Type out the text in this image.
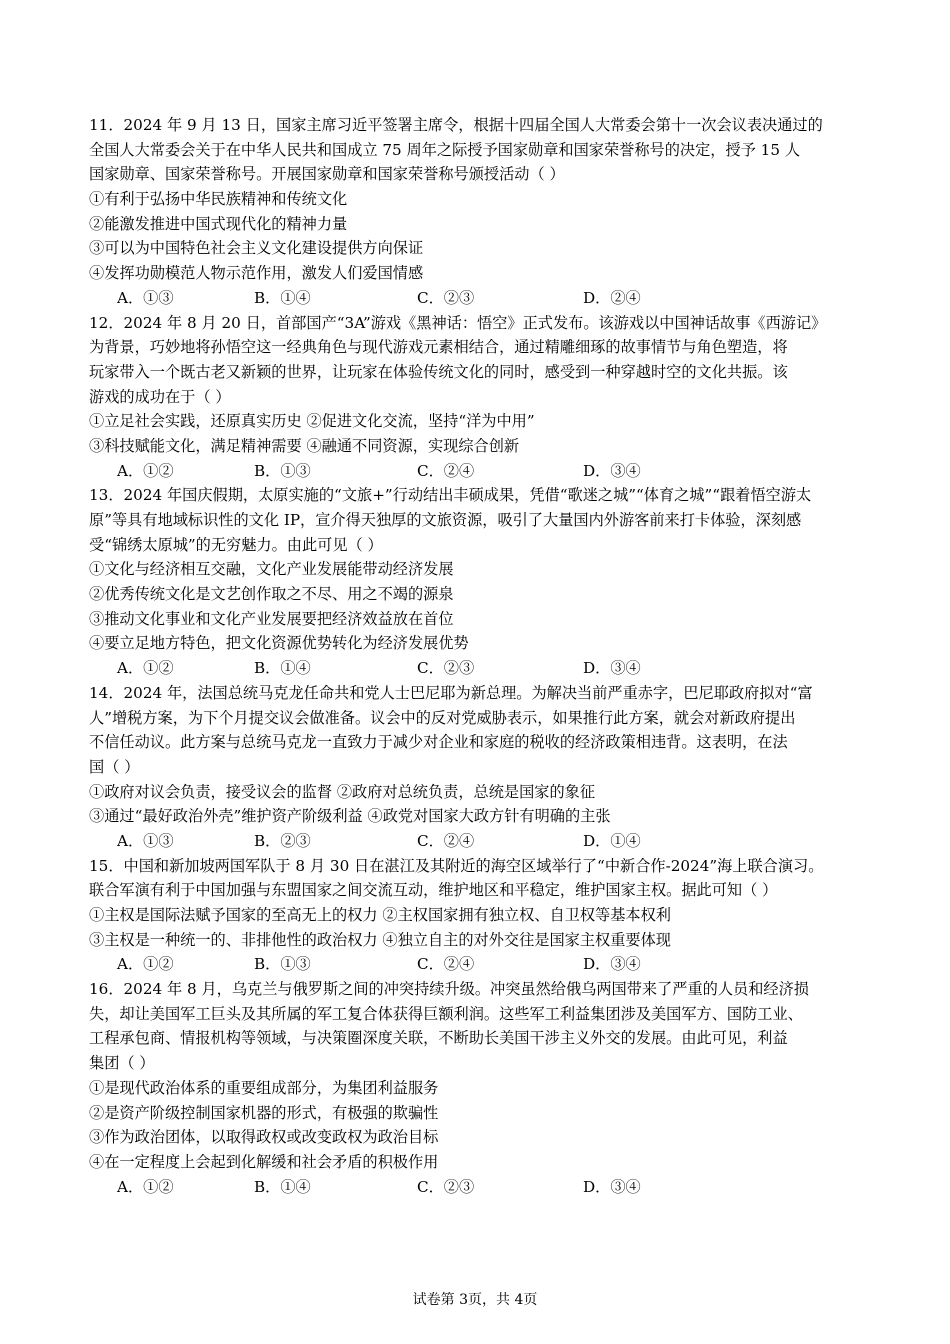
11．2024 年 9 月 13 日，国家主席习近平签署主席令，根据十四届全国人大常委会第十一次会议表决通过的
全国人大常委会关于在中华人民共和国成立 75 周年之际授予国家勋章和国家荣誉称号的决定，授予 15 人
国家勋章、国家荣誉称号。开展国家勋章和国家荣誉称号颁授活动（ ）
①有利于弘扬中华民族精神和传统文化
②能激发推进中国式现代化的精神力量
③可以为中国特色社会主义文化建设提供方向保证
④发挥功勋模范人物示范作用，激发人们爱国情感
A．①③	B．①④	C．②③	D．②④
12．2024 年 8 月 20 日，首部国产“3A”游戏《黑神话：悟空》正式发布。该游戏以中国神话故事《西游记》
为背景，巧妙地将孙悟空这一经典角色与现代游戏元素相结合，通过精雕细琢的故事情节与角色塑造，将
玩家带入一个既古老又新颖的世界，让玩家在体验传统文化的同时，感受到一种穿越时空的文化共振。该
游戏的成功在于（ ）
①立足社会实践，还原真实历史 ②促进文化交流，坚持“洋为中用”
③科技赋能文化，满足精神需要 ④融通不同资源，实现综合创新
A．①②	B．①③	C．②④	D．③④
13．2024 年国庆假期，太原实施的“文旅+”行动结出丰硕成果，凭借“歌迷之城”“体育之城”“跟着悟空游太
原”等具有地域标识性的文化 IP，宣介得天独厚的文旅资源，吸引了大量国内外游客前来打卡体验，深刻感
受“锦绣太原城”的无穷魅力。由此可见（ ）
①文化与经济相互交融，文化产业发展能带动经济发展
②优秀传统文化是文艺创作取之不尽、用之不竭的源泉
③推动文化事业和文化产业发展要把经济效益放在首位
④要立足地方特色，把文化资源优势转化为经济发展优势
A．①②	B．①④	C．②③	D．③④
14．2024 年，法国总统马克龙任命共和党人士巴尼耶为新总理。为解决当前严重赤字，巴尼耶政府拟对“富
人”增税方案，为下个月提交议会做准备。议会中的反对党威胁表示，如果推行此方案，就会对新政府提出
不信任动议。此方案与总统马克龙一直致力于减少对企业和家庭的税收的经济政策相违背。这表明，在法
国（ ）
①政府对议会负责，接受议会的监督 ②政府对总统负责，总统是国家的象征
③通过“最好政治外壳”维护资产阶级利益 ④政党对国家大政方针有明确的主张
A．①③	B．②③	C．②④	D．①④
15．中国和新加坡两国军队于 8 月 30 日在湛江及其附近的海空区域举行了“中新合作-2024”海上联合演习。
联合军演有利于中国加强与东盟国家之间交流互动，维护地区和平稳定，维护国家主权。据此可知（ ）
①主权是国际法赋予国家的至高无上的权力 ②主权国家拥有独立权、自卫权等基本权利
③主权是一种统一的、非排他性的政治权力 ④独立自主的对外交往是国家主权重要体现
A．①②	B．①③	C．②④	D．③④
16．2024 年 8 月，乌克兰与俄罗斯之间的冲突持续升级。冲突虽然给俄乌两国带来了严重的人员和经济损
失，却让美国军工巨头及其所属的军工复合体获得巨额利润。这些军工利益集团涉及美国军方、国防工业、
工程承包商、情报机构等领域，与决策圈深度关联，不断助长美国干涉主义外交的发展。由此可见，利益
集团（ ）
①是现代政治体系的重要组成部分，为集团利益服务
②是资产阶级控制国家机器的形式，有极强的欺骗性
③作为政治团体，以取得政权或改变政权为政治目标
④在一定程度上会起到化解缓和社会矛盾的积极作用
A．①②	B．①④	C．②③	D．③④
试卷第 3页，共 4页
